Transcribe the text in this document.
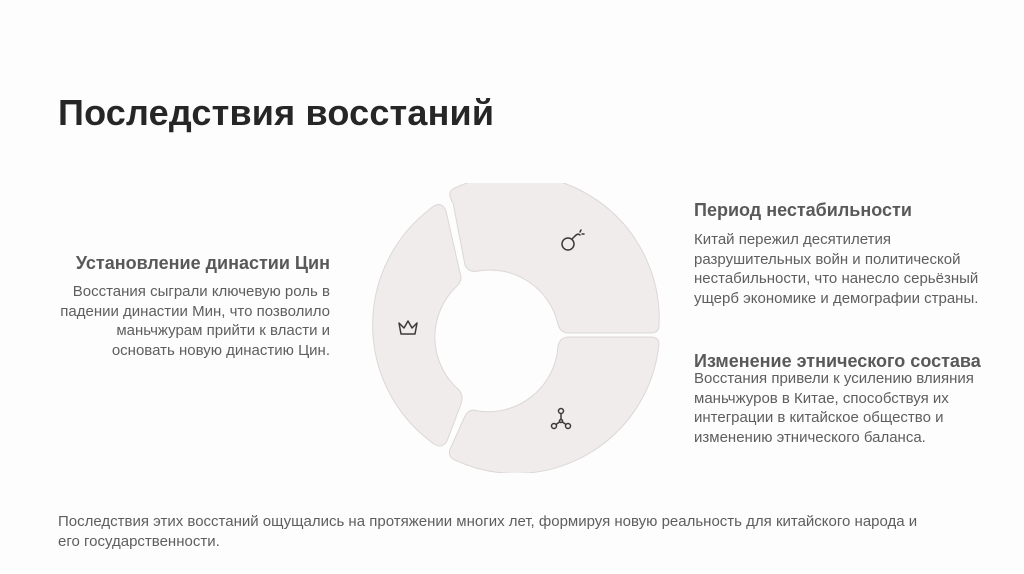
Последствия восстаний
Установление династии Цин

Восстания сыграли ключевую роль в падении династии Мин, что позволило маньчжурам прийти к власти и основать новую династию Цин.

Период нестабильности

Китай пережил десятилетия разрушительных войн и политической нестабильности, что нанесло серьёзный ущерб экономике и демографии страны.

Изменение этнического состава

Восстания привели к усилению влияния маньчжуров в Китае, способствуя их интеграции в китайское общество и изменению этнического баланса.

Последствия этих восстаний ощущались на протяжении многих лет, формируя новую реальность для китайского народа и его государственности.
